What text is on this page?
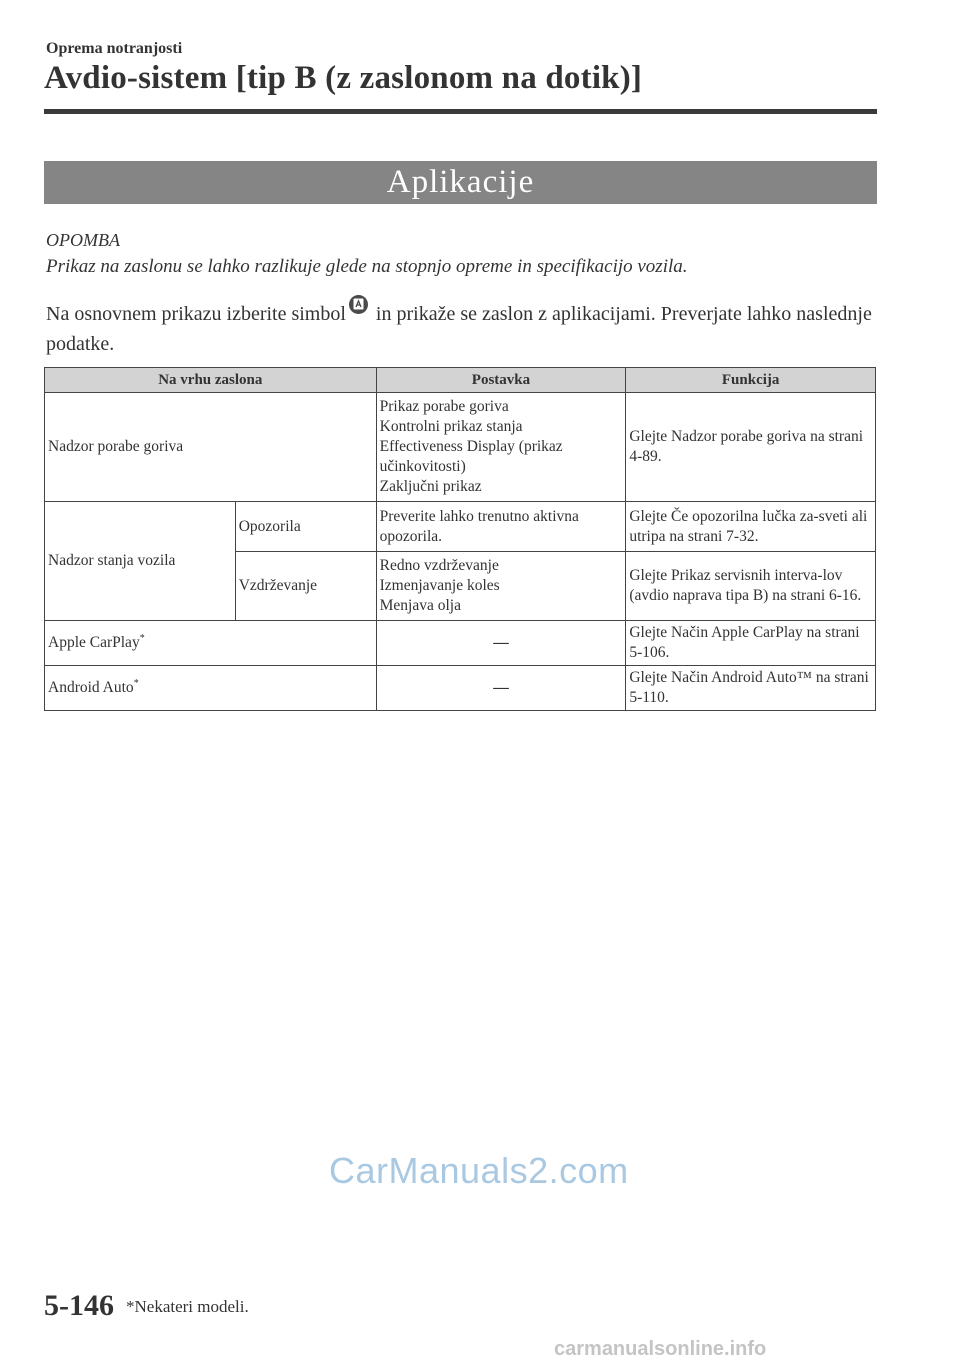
Oprema notranjosti
Avdio-sistem [tip B (z zaslonom na dotik)]
Aplikacije
OPOMBA
Prikaz na zaslonu se lahko razlikuje glede na stopnjo opreme in specifikacijo vozila.
Na osnovnem prikazu izberite simbol
in prikaže se zaslon z aplikacijami. Preverjate lahko naslednje podatke.
Na vrhu zaslona		Postavka	Funkcija
Nadzor porabe goriva		Prikaz porabe goriva
Kontrolni prikaz stanja
Effectiveness Display (prikaz učinkovitosti)
Zaključni prikaz	Glejte Nadzor porabe goriva na strani 4-89.
Nadzor stanja vozila	Opozorila	Preverite lahko trenutno aktivna opozorila.	Glejte Če opozorilna lučka za-sveti ali utripa na strani 7-32.
	Vzdrževanje	Redno vzdrževanje
Izmenjavanje koles
Menjava olja	Glejte Prikaz servisnih interva-lov (avdio naprava tipa B) na strani 6-16.
Apple CarPlay*		—	Glejte Način Apple CarPlay na strani 5-106.
Android Auto*		—	Glejte Način Android Auto™ na strani 5-110.
CarManuals2.com
5-146 *Nekateri modeli.
carmanualsonline.info
